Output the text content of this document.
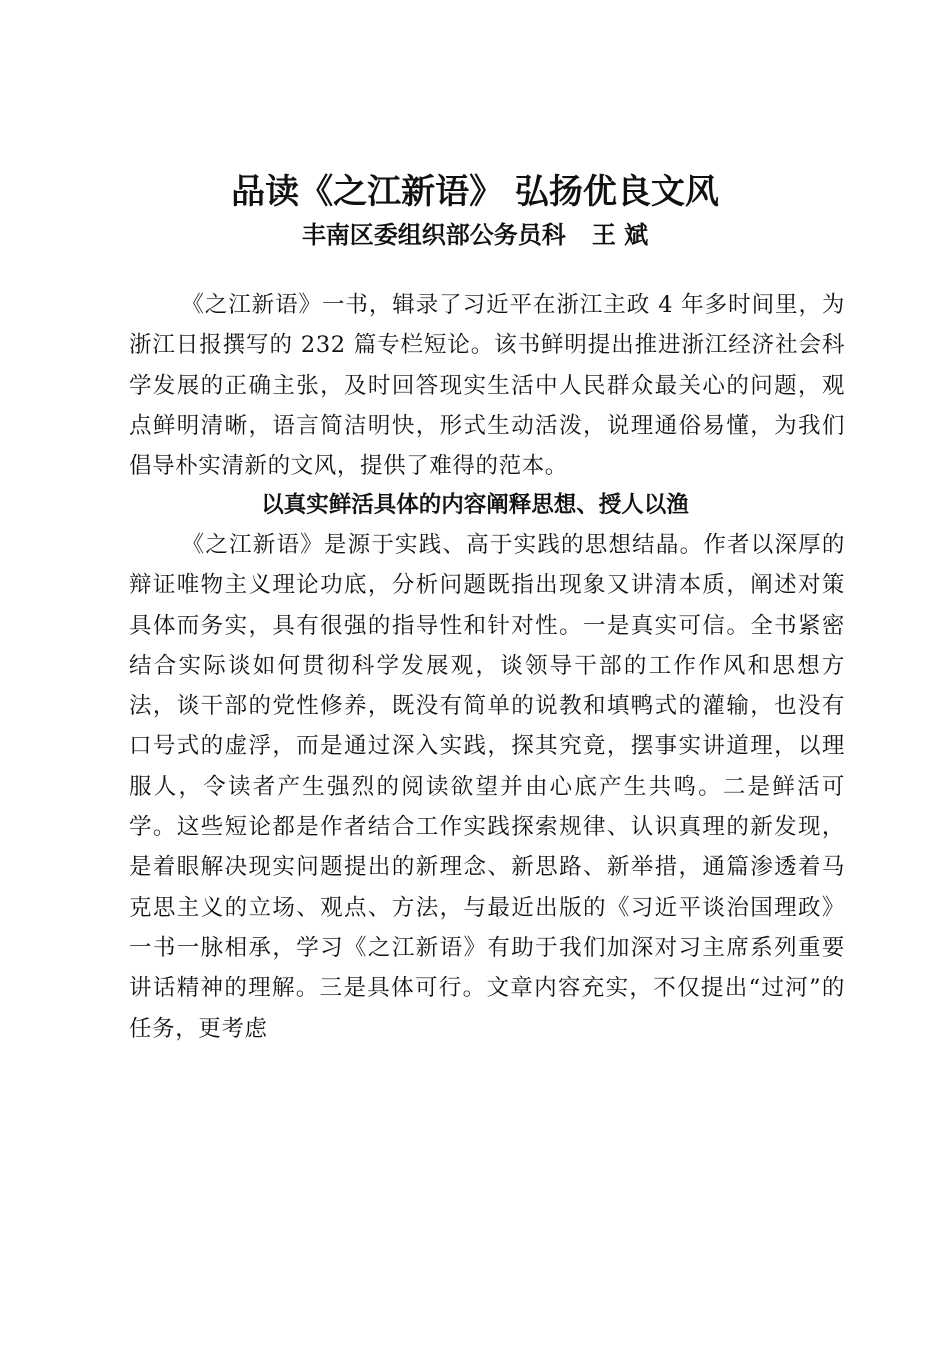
品读《之江新语》 弘扬优良文风
丰南区委组织部公务员科 王 斌

《之江新语》一书，辑录了习近平在浙江主政 4 年多时间里，为浙江日报撰写的 232 篇专栏短论。该书鲜明提出推进浙江经济社会科学发展的正确主张，及时回答现实生活中人民群众最关心的问题，观点鲜明清晰，语言简洁明快，形式生动活泼，说理通俗易懂，为我们倡导朴实清新的文风，提供了难得的范本。

以真实鲜活具体的内容阐释思想、授人以渔

《之江新语》是源于实践、高于实践的思想结晶。作者以深厚的辩证唯物主义理论功底，分析问题既指出现象又讲清本质，阐述对策具体而务实，具有很强的指导性和针对性。一是真实可信。全书紧密结合实际谈如何贯彻科学发展观，谈领导干部的工作作风和思想方法，谈干部的党性修养，既没有简单的说教和填鸭式的灌输，也没有口号式的虚浮，而是通过深入实践，探其究竟，摆事实讲道理，以理服人，令读者产生强烈的阅读欲望并由心底产生共鸣。二是鲜活可学。这些短论都是作者结合工作实践探索规律、认识真理的新发现，是着眼解决现实问题提出的新理念、新思路、新举措，通篇渗透着马克思主义的立场、观点、方法，与最近出版的《习近平谈治国理政》一书一脉相承，学习《之江新语》有助于我们加深对习主席系列重要讲话精神的理解。三是具体可行。文章内容充实，不仅提出“过河”的任务，更考虑
